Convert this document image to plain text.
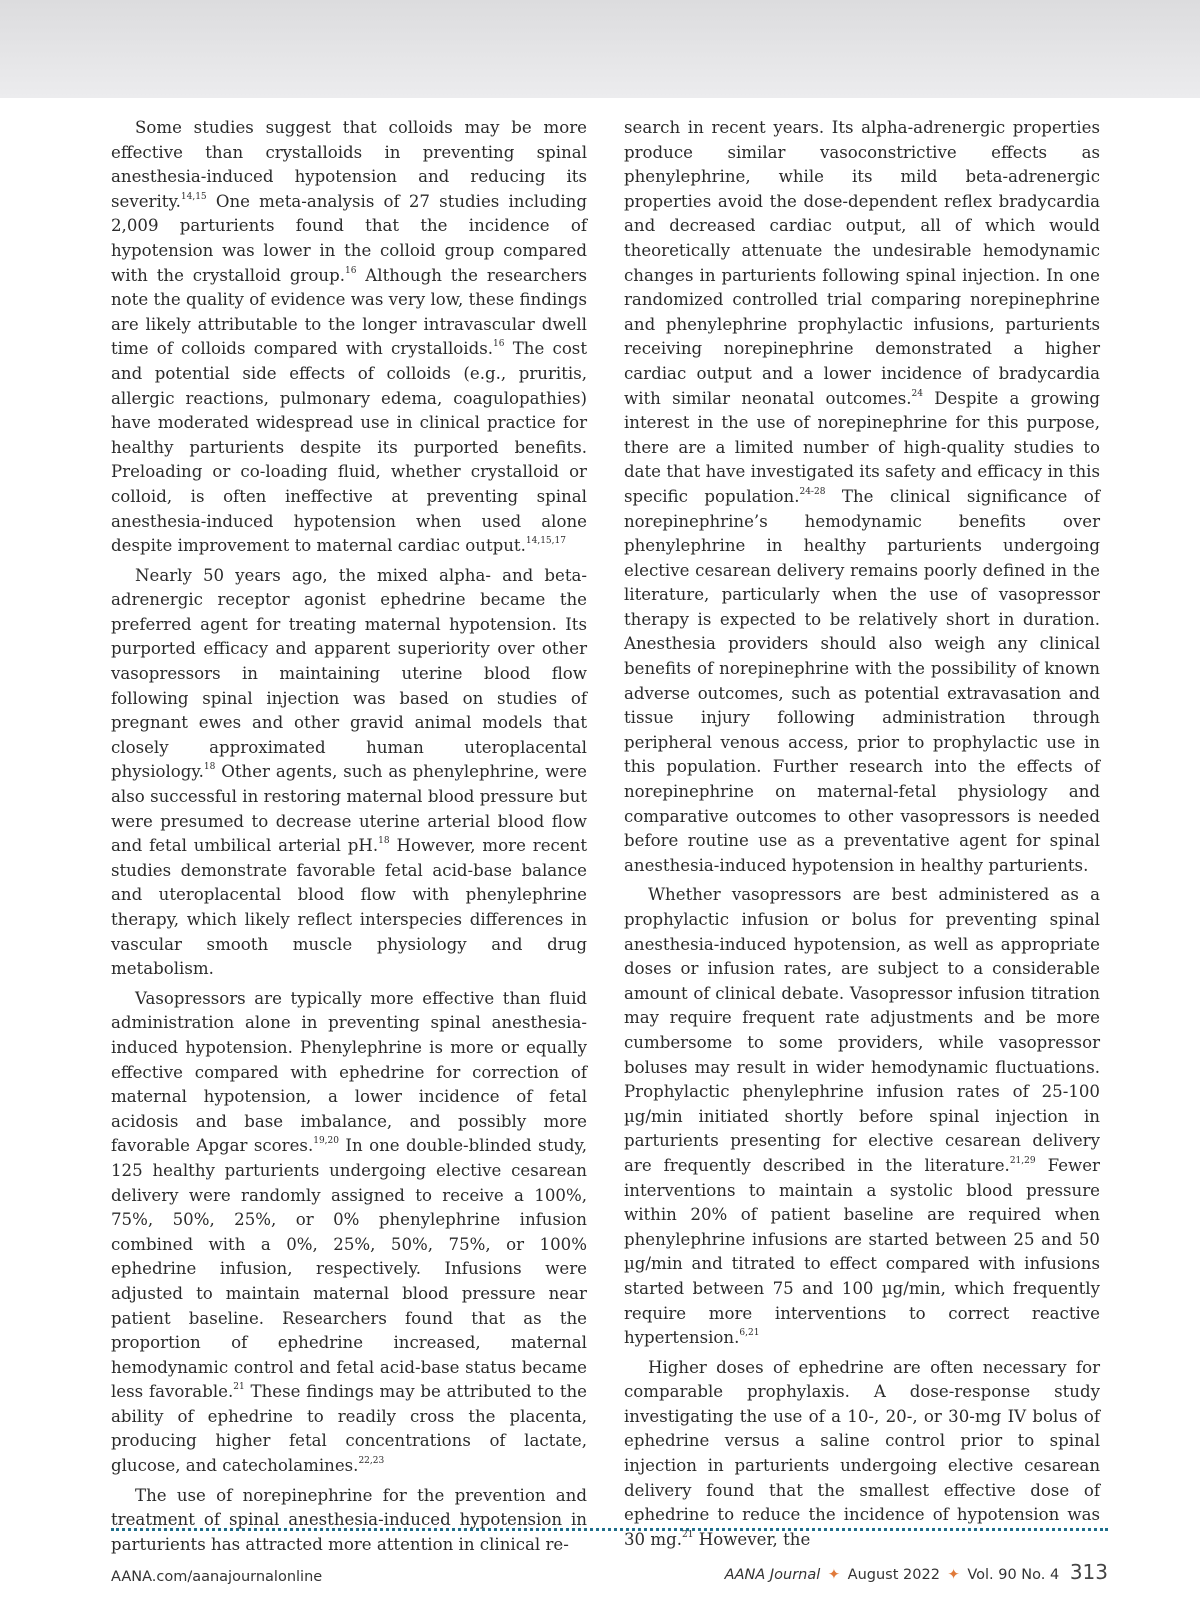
Some studies suggest that colloids may be more effective than crystalloids in preventing spinal anesthesia-induced hypotension and reducing its severity.$^{14,15}$ One meta-analysis of 27 studies including 2,009 parturients found that the incidence of hypotension was lower in the colloid group compared with the crystalloid group.$^{16}$ Although the researchers note the quality of evidence was very low, these findings are likely attributable to the longer intravascular dwell time of colloids compared with crystalloids.$^{16}$ The cost and potential side effects of colloids (e.g., pruritis, allergic reactions, pulmonary edema, coagulopathies) have moderated widespread use in clinical practice for healthy parturients despite its purported benefits. Preloading or co-loading fluid, whether crystalloid or colloid, is often ineffective at preventing spinal anesthesia-induced hypotension when used alone despite improvement to maternal cardiac output.$^{14,15,17}$

Nearly 50 years ago, the mixed alpha- and beta-adrenergic receptor agonist ephedrine became the preferred agent for treating maternal hypotension. Its purported efficacy and apparent superiority over other vasopressors in maintaining uterine blood flow following spinal injection was based on studies of pregnant ewes and other gravid animal models that closely approximated human uteroplacental physiology.$^{18}$ Other agents, such as phenylephrine, were also successful in restoring maternal blood pressure but were presumed to decrease uterine arterial blood flow and fetal umbilical arterial pH.$^{18}$ However, more recent studies demonstrate favorable fetal acid-base balance and uteroplacental blood flow with phenylephrine therapy, which likely reflect interspecies differences in vascular smooth muscle physiology and drug metabolism.

Vasopressors are typically more effective than fluid administration alone in preventing spinal anesthesia-induced hypotension. Phenylephrine is more or equally effective compared with ephedrine for correction of maternal hypotension, a lower incidence of fetal acidosis and base imbalance, and possibly more favorable Apgar scores.$^{19,20}$ In one double-blinded study, 125 healthy parturients undergoing elective cesarean delivery were randomly assigned to receive a 100%, 75%, 50%, 25%, or 0% phenylephrine infusion combined with a 0%, 25%, 50%, 75%, or 100% ephedrine infusion, respectively. Infusions were adjusted to maintain maternal blood pressure near patient baseline. Researchers found that as the proportion of ephedrine increased, maternal hemodynamic control and fetal acid-base status became less favorable.$^{21}$ These findings may be attributed to the ability of ephedrine to readily cross the placenta, producing higher fetal concentrations of lactate, glucose, and catecholamines.$^{22,23}$

The use of norepinephrine for the prevention and treatment of spinal anesthesia-induced hypotension in parturients has attracted more attention in clinical re-

search in recent years. Its alpha-adrenergic properties produce similar vasoconstrictive effects as phenylephrine, while its mild beta-adrenergic properties avoid the dose-dependent reflex bradycardia and decreased cardiac output, all of which would theoretically attenuate the undesirable hemodynamic changes in parturients following spinal injection. In one randomized controlled trial comparing norepinephrine and phenylephrine prophylactic infusions, parturients receiving norepinephrine demonstrated a higher cardiac output and a lower incidence of bradycardia with similar neonatal outcomes.$^{24}$ Despite a growing interest in the use of norepinephrine for this purpose, there are a limited number of high-quality studies to date that have investigated its safety and efficacy in this specific population.$^{24-28}$ The clinical significance of norepinephrine’s hemodynamic benefits over phenylephrine in healthy parturients undergoing elective cesarean delivery remains poorly defined in the literature, particularly when the use of vasopressor therapy is expected to be relatively short in duration. Anesthesia providers should also weigh any clinical benefits of norepinephrine with the possibility of known adverse outcomes, such as potential extravasation and tissue injury following administration through peripheral venous access, prior to prophylactic use in this population. Further research into the effects of norepinephrine on maternal-fetal physiology and comparative outcomes to other vasopressors is needed before routine use as a preventative agent for spinal anesthesia-induced hypotension in healthy parturients.

Whether vasopressors are best administered as a prophylactic infusion or bolus for preventing spinal anesthesia-induced hypotension, as well as appropriate doses or infusion rates, are subject to a considerable amount of clinical debate. Vasopressor infusion titration may require frequent rate adjustments and be more cumbersome to some providers, while vasopressor boluses may result in wider hemodynamic fluctuations. Prophylactic phenylephrine infusion rates of 25-100 µg/min initiated shortly before spinal injection in parturients presenting for elective cesarean delivery are frequently described in the literature.$^{21,29}$ Fewer interventions to maintain a systolic blood pressure within 20% of patient baseline are required when phenylephrine infusions are started between 25 and 50 µg/min and titrated to effect compared with infusions started between 75 and 100 µg/min, which frequently require more interventions to correct reactive hypertension.$^{6,21}$

Higher doses of ephedrine are often necessary for comparable prophylaxis. A dose-response study investigating the use of a 10-, 20-, or 30-mg IV bolus of ephedrine versus a saline control prior to spinal injection in parturients undergoing elective cesarean delivery found that the smallest effective dose of ephedrine to reduce the incidence of hypotension was 30 mg.$^{21}$ However, the

AANA.com/aanajournalonline	AANA Journal ✦ August 2022 ✦ Vol. 90 No. 4 313
